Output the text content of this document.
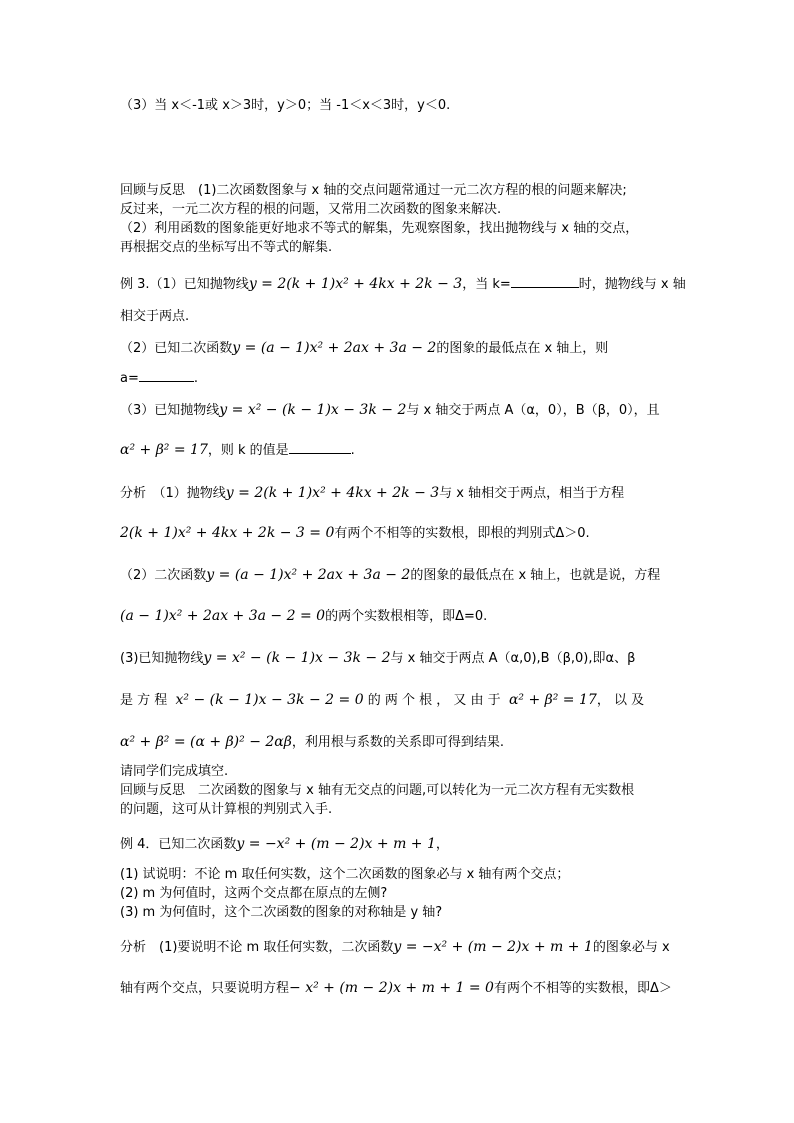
（3）当 x＜-1或 x＞3时，y＞0；当 -1＜x＜3时，y＜0.
回顾与反思　(1)二次函数图象与 x 轴的交点问题常通过一元二次方程的根的问题来解决;
反过来，一元二次方程的根的问题，又常用二次函数的图象来解决.
（2）利用函数的图象能更好地求不等式的解集，先观察图象，找出抛物线与 x 轴的交点，
再根据交点的坐标写出不等式的解集.
例 3.（1）已知抛物线y = 2(k + 1)x² + 4kx + 2k − 3，当 k=	时，抛物线与 x 轴
相交于两点.
（2）已知二次函数y = (a − 1)x² + 2ax + 3a − 2的图象的最低点在 x 轴上，则
a=	.
（3）已知抛物线y = x² − (k − 1)x − 3k − 2与 x 轴交于两点 A（α，0），B（β，0），且
α² + β² = 17，则 k 的值是	.
分析　（1）抛物线y = 2(k + 1)x² + 4kx + 2k − 3与 x 轴相交于两点，相当于方程
2(k + 1)x² + 4kx + 2k − 3 = 0有两个不相等的实数根，即根的判别式Δ＞0.
（2）二次函数y = (a − 1)x² + 2ax + 3a − 2的图象的最低点在 x 轴上，也就是说，方程
(a − 1)x² + 2ax + 3a − 2 = 0的两个实数根相等，即Δ=0.
(3)已知抛物线y = x² − (k − 1)x − 3k − 2与 x 轴交于两点 A（α,0),B（β,0),即α、β
是 方 程 x² − (k − 1)x − 3k − 2 = 0 的 两 个 根 ， 又 由 于 α² + β² = 17， 以 及
α² + β² = (α + β)² − 2αβ，利用根与系数的关系即可得到结果.
请同学们完成填空.
回顾与反思　二次函数的图象与 x 轴有无交点的问题,可以转化为一元二次方程有无实数根
的问题，这可从计算根的判别式入手.
例 4．已知二次函数y = −x² + (m − 2)x + m + 1，
(1) 试说明：不论 m 取任何实数，这个二次函数的图象必与 x 轴有两个交点；
(2) m 为何值时，这两个交点都在原点的左侧?
(3) m 为何值时，这个二次函数的图象的对称轴是 y 轴?
分析　(1)要说明不论 m 取任何实数，二次函数y = −x² + (m − 2)x + m + 1的图象必与 x
轴有两个交点，只要说明方程− x² + (m − 2)x + m + 1 = 0有两个不相等的实数根，即Δ＞
